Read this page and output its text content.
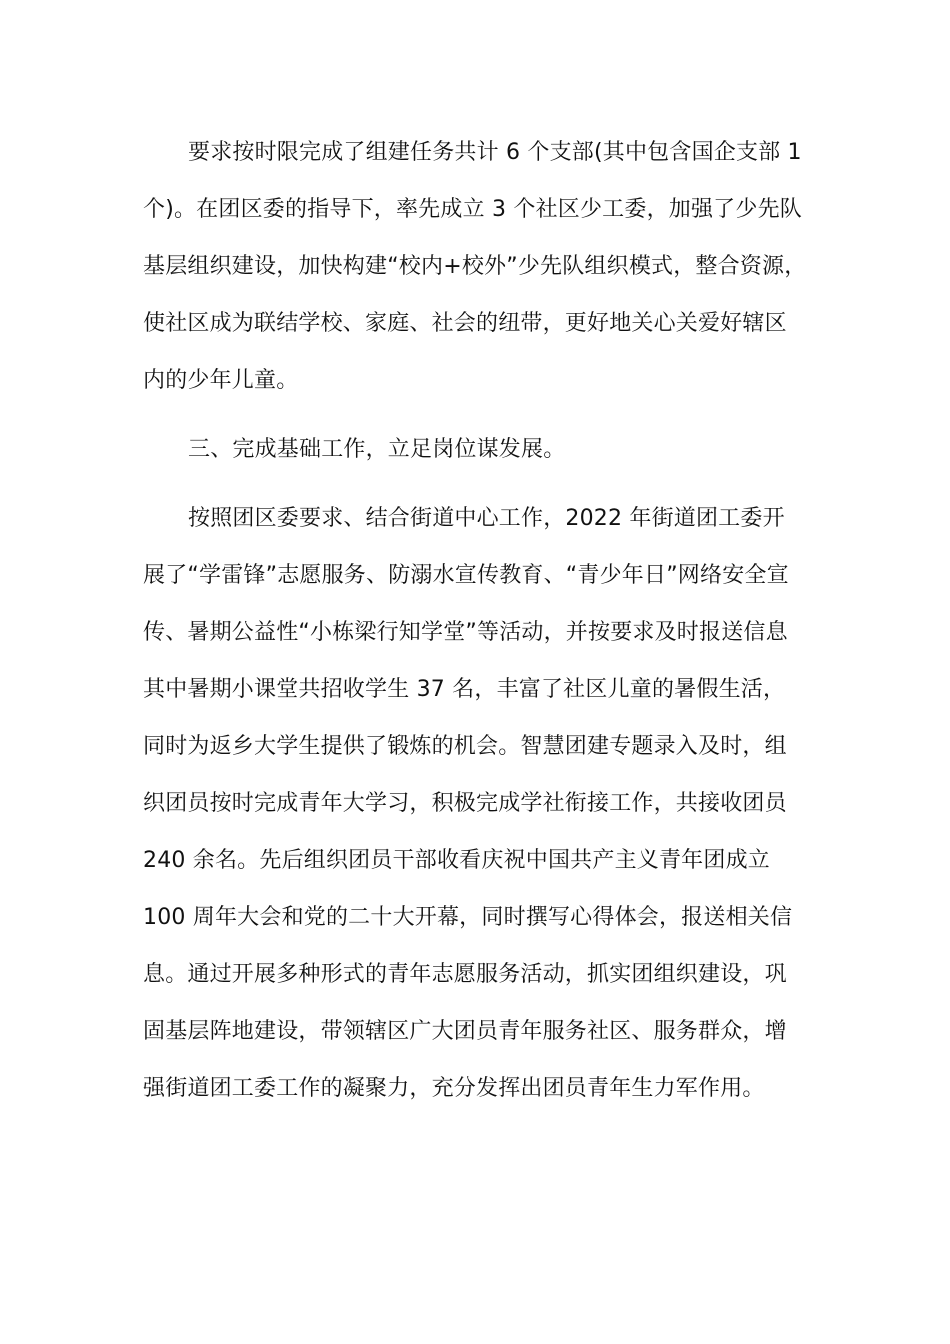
要求按时限完成了组建任务共计 6 个支部(其中包含国企支部 1
个)。在团区委的指导下，率先成立 3 个社区少工委，加强了少先队
基层组织建设，加快构建“校内+校外”少先队组织模式，整合资源，
使社区成为联结学校、家庭、社会的纽带，更好地关心关爱好辖区
内的少年儿童。
三、完成基础工作，立足岗位谋发展。
按照团区委要求、结合街道中心工作，2022 年街道团工委开
展了“学雷锋”志愿服务、防溺水宣传教育、“青少年日”网络安全宣
传、暑期公益性“小栋梁行知学堂”等活动，并按要求及时报送信息
其中暑期小课堂共招收学生 37 名，丰富了社区儿童的暑假生活，
同时为返乡大学生提供了锻炼的机会。智慧团建专题录入及时，组
织团员按时完成青年大学习，积极完成学社衔接工作，共接收团员
240 余名。先后组织团员干部收看庆祝中国共产主义青年团成立
100 周年大会和党的二十大开幕，同时撰写心得体会，报送相关信
息。通过开展多种形式的青年志愿服务活动，抓实团组织建设，巩
固基层阵地建设，带领辖区广大团员青年服务社区、服务群众，增
强街道团工委工作的凝聚力，充分发挥出团员青年生力军作用。
